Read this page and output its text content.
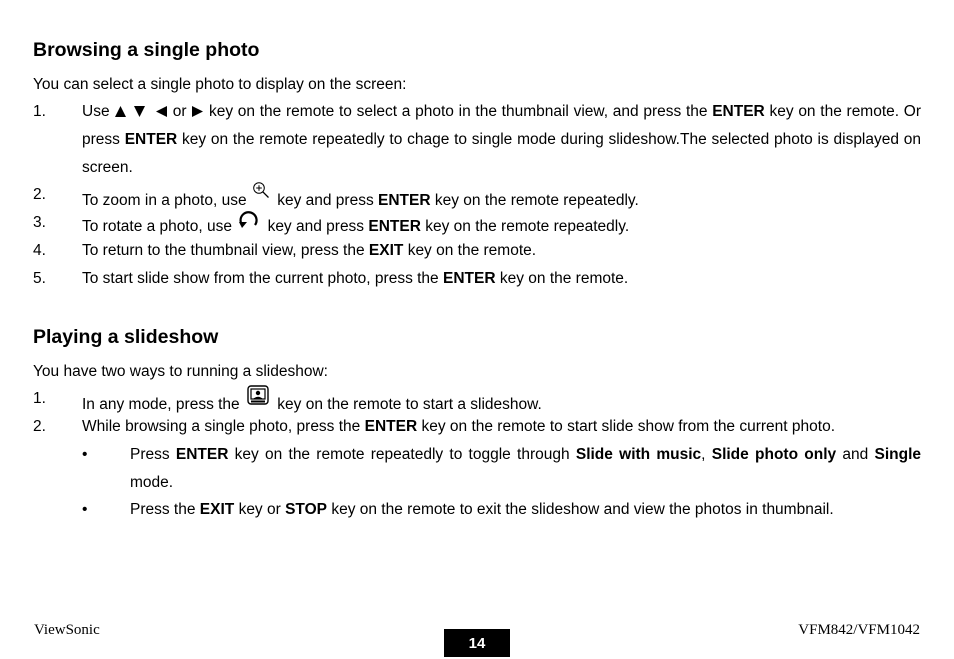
Browsing a single photo

You can select a single photo to display on the screen:

1. Use
	or key on the remote to select a photo in the thumbnail view, and press the ENTER key on the remote. Or press ENTER key on the remote repeatedly to chage to single mode during slideshow.The selected photo is displayed on screen.
2. To zoom in a photo, use key and press ENTER key on the remote repeatedly.
3. To rotate a photo, use key and press ENTER key on the remote repeatedly.
4. To return to the thumbnail view, press the EXIT key on the remote.
5. To start slide show from the current photo, press the ENTER key on the remote.
Playing a slideshow

You have two ways to running a slideshow:

1. In any mode, press the key on the remote to start a slideshow.
2. While browsing a single photo, press the ENTER key on the remote to start slide show from the current photo.
•	Press ENTER key on the remote repeatedly to toggle through Slide with music, Slide photo only and Single mode.
•	Press the EXIT key or STOP key on the remote to exit the slideshow and view the photos in thumbnail.
ViewSonic
14
VFM842/VFM1042
